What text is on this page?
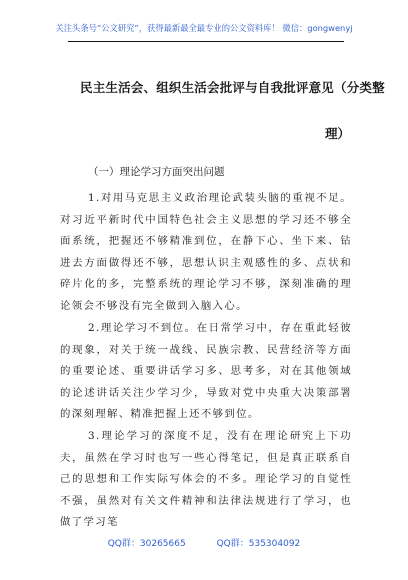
关注头条号“公文研究”，获得最新最全最专业的公文资料库！ 微信：gongwenyj
民主生活会、组织生活会批评与自我批评意见（分类整
理）
（一）理论学习方面突出问题

1.对用马克思主义政治理论武装头脑的重视不足。对习近平新时代中国特色社会主义思想的学习还不够全面系统，把握还不够精准到位，在静下心、坐下来、钻进去方面做得还不够，思想认识主观感性的多、点状和碎片化的多，完整系统的理论学习不够，深刻准确的理论领会不够没有完全做到入脑入心。

2.理论学习不到位。在日常学习中，存在重此轻彼的现象，对关于统一战线、民族宗教、民营经济等方面的重要论述、重要讲话学习多、思考多，对在其他领域的论述讲话关注少学习少，导致对党中央重大决策部署的深刻理解、精准把握上还不够到位。

3.理论学习的深度不足，没有在理论研究上下功夫，虽然在学习时也写一些心得笔记，但是真正联系自己的思想和工作实际写体会的不多。理论学习的自觉性不强，虽然对有关文件精神和法律法规进行了学习，也做了学习笔

QQ群：30265665	QQ群：535304092
